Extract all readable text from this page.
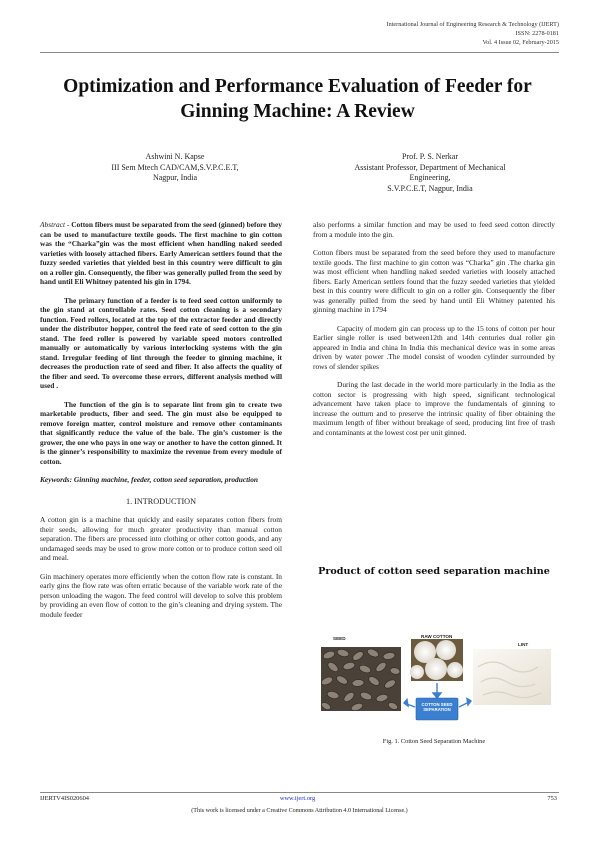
International Journal of Engineering Research & Technology (IJERT)
ISSN: 2278-0181
Vol. 4 Issue 02, February-2015
Optimization and Performance Evaluation of Feeder for Ginning Machine: A Review
Ashwini N. Kapse
III Sem Mtech CAD/CAM,S.V.P.C.E.T,
Nagpur, India
Prof. P. S. Nerkar
Assistant Professor, Department of Mechanical
Engineering,
S.V.P.C.E.T, Nagpur, India

Abstract - Cotton fibers must be separated from the seed (ginned) before they can be used to manufacture textile goods. The first machine to gin cotton was the “Charka”gin was the most efficient when handling naked seeded varieties with loosely attached fibers. Early American settlers found that the fuzzy seeded varieties that yielded best in this country were difficult to gin on a roller gin. Consequently, the fiber was generally pulled from the seed by hand until Eli Whitney patented his gin in 1794.

The primary function of a feeder is to feed seed cotton uniformly to the gin stand at controllable rates. Seed cotton cleaning is a secondary function. Feed rollers, located at the top of the extractor feeder and directly under the distributor hopper, control the feed rate of seed cotton to the gin stand. The feed roller is powered by variable speed motors controlled manually or automatically by various interlocking systems with the gin stand. Irregular feeding of lint through the feeder to ginning machine, it decreases the production rate of seed and fiber. It also affects the quality of the fiber and seed. To overcome these errors, different analysis method will used .

The function of the gin is to separate lint from gin to create two marketable products, fiber and seed. The gin must also be equipped to remove foreign matter, control moisture and remove other contaminants that significantly reduce the value of the bale. The gin’s customer is the grower, the one who pays in one way or another to have the cotton ginned. It is the ginner’s responsibility to maximize the revenue from every module of cotton.

Keywords: Ginning machine, feeder, cotton seed separation, production

1. INTRODUCTION

A cotton gin is a machine that quickly and easily separates cotton fibers from their seeds, allowing for much greater productivity than manual cotton separation. The fibers are processed into clothing or other cotton goods, and any undamaged seeds may be used to grow more cotton or to produce cotton seed oil and meal.

Gin machinery operates more efficiently when the cotton flow rate is constant. In early gins the flow rate was often erratic because of the variable work rate of the person unloading the wagon. The feed control will develop to solve this problem by providing an even flow of cotton to the gin’s cleaning and drying system. The module feeder

also performs a similar function and may be used to feed seed cotton directly from a module into the gin.

Cotton fibers must be separated from the seed before they used to manufacture textile goods. The first machine to gin cotton was “Charka” gin .The charka gin was most efficient when handling naked seeded varieties with loosely attached fibers. Early American settlers found that the fuzzy seeded varieties that yielded best in this country were difficult to gin on a roller gin. Consequently the fiber was generally pulled from the seed by hand until Eli Whitney patented his ginning machine in 1794

Capacity of modern gin can process up to the 15 tons of cotton per hour Earlier single roller is used between12th and 14th centuries dual roller gin appeared in India and china In India this mechanical device was in some areas driven by water power .The model consist of wooden cylinder surrounded by rows of slender spikes

During the last decade in the world more particularly in the India as the cotton sector is progressing with high speed, significant technological advancement have taken place to improve the fundamentals of ginning to increase the outturn and to preserve the intrinsic quality of fiber obtaining the maximum length of fiber without breakage of seed, producing lint free of trash and contaminants at the lowest cost per unit ginned.

Product of cotton seed separation machine
SEED	RAW COTTON
LINT
COTTON SEED SEPARATION
Fig. 1. Cotton Seed Separation Machine
IJERTV4IS020604	www.ijert.org	753
(This work is licensed under a Creative Commons Attribution 4.0 International License.)
